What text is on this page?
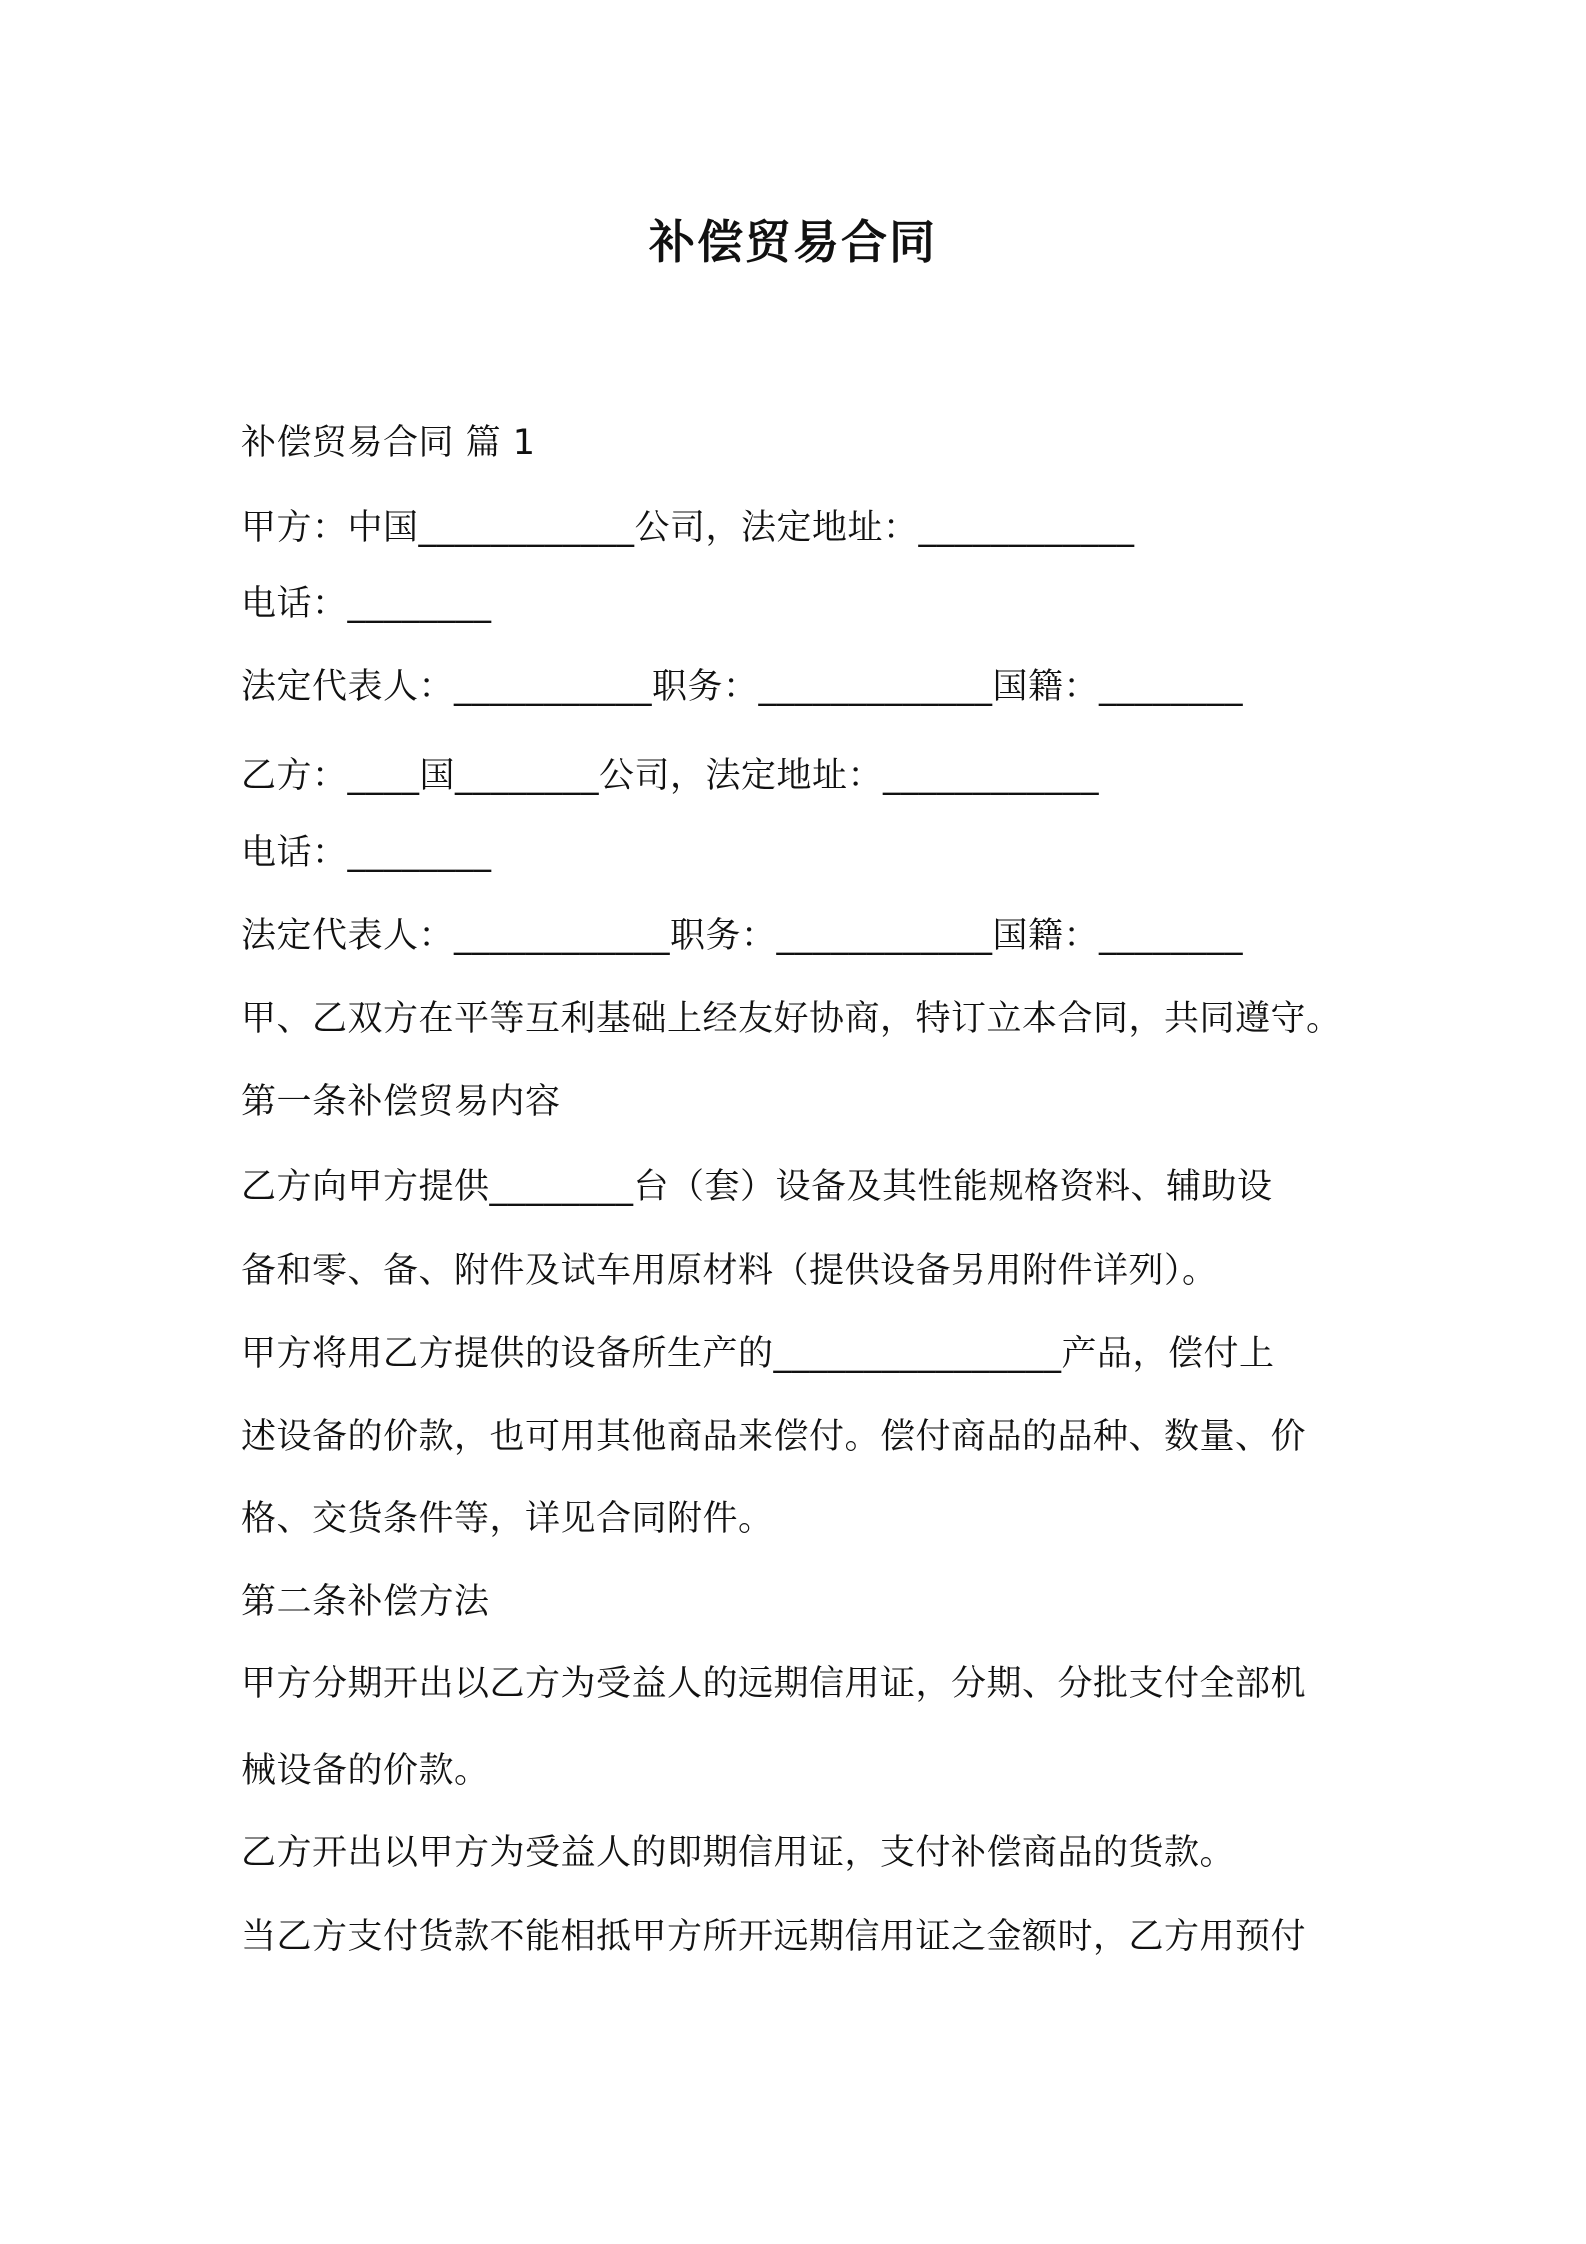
补偿贸易合同
补偿贸易合同 篇 1
甲方：中国____________公司，法定地址：____________
电话：________
法定代表人：___________职务：_____________国籍：________
乙方：____国________公司，法定地址：____________
电话：________
法定代表人：____________职务：____________国籍：________
甲、乙双方在平等互利基础上经友好协商，特订立本合同，共同遵守。
第一条补偿贸易内容
乙方向甲方提供________台（套）设备及其性能规格资料、辅助设
备和零、备、附件及试车用原材料（提供设备另用附件详列）。
甲方将用乙方提供的设备所生产的________________产品，偿付上
述设备的价款，也可用其他商品来偿付。偿付商品的品种、数量、价
格、交货条件等，详见合同附件。
第二条补偿方法
甲方分期开出以乙方为受益人的远期信用证，分期、分批支付全部机
械设备的价款。
乙方开出以甲方为受益人的即期信用证，支付补偿商品的货款。
当乙方支付货款不能相抵甲方所开远期信用证之金额时，乙方用预付
